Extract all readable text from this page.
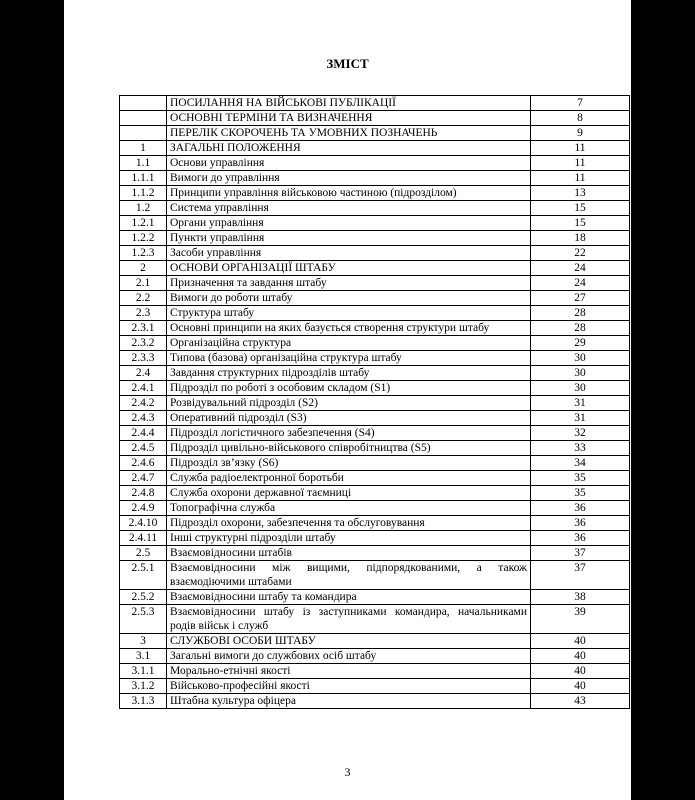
ЗМІСТ
	ПОСИЛАННЯ НА ВІЙСЬКОВІ ПУБЛІКАЦІЇ	7
	ОСНОВНІ ТЕРМІНИ ТА ВИЗНАЧЕННЯ	8
	ПЕРЕЛІК СКОРОЧЕНЬ ТА УМОВНИХ ПОЗНАЧЕНЬ	9
1	ЗАГАЛЬНІ ПОЛОЖЕННЯ	11
1.1	Основи управління	11
1.1.1	Вимоги до управління	11
1.1.2	Принципи управління військовою частиною (підрозділом)	13
1.2	Система управління	15
1.2.1	Органи управління	15
1.2.2	Пункти управління	18
1.2.3	Засоби управління	22
2	ОСНОВИ ОРГАНІЗАЦІЇ ШТАБУ	24
2.1	Призначення та завдання штабу	24
2.2	Вимоги до роботи штабу	27
2.3	Структура штабу	28
2.3.1	Основні принципи на яких базується створення структури штабу	28
2.3.2	Організаційна структура	29
2.3.3	Типова (базова) організаційна структура штабу	30
2.4	Завдання структурних підрозділів штабу	30
2.4.1	Підрозділ по роботі з особовим складом (S1)	30
2.4.2	Розвідувальний підрозділ (S2)	31
2.4.3	Оперативний підрозділ (S3)	31
2.4.4	Підрозділ логістичного забезпечення (S4)	32
2.4.5	Підрозділ цивільно-військового співробітництва (S5)	33
2.4.6	Підрозділ зв’язку (S6)	34
2.4.7	Служба радіоелектронної боротьби	35
2.4.8	Служба охорони державної таємниці	35
2.4.9	Топографічна служба	36
2.4.10	Підрозділ охорони, забезпечення та обслуговування	36
2.4.11	Інші структурні підрозділи штабу	36
2.5	Взаємовідносини штабів	37
2.5.1	Взаємовідносини між вищими, підпорядкованими, а також взаємодіючими штабами	37
2.5.2	Взаємовідносини штабу та командира	38
2.5.3	Взаємовідносини штабу із заступниками командира, начальниками родів військ і служб	39
3	СЛУЖБОВІ ОСОБИ ШТАБУ	40
3.1	Загальні вимоги до службових осіб штабу	40
3.1.1	Морально-етнічні якості	40
3.1.2	Військово-професійні якості	40
3.1.3	Штабна культура офіцера	43
3
